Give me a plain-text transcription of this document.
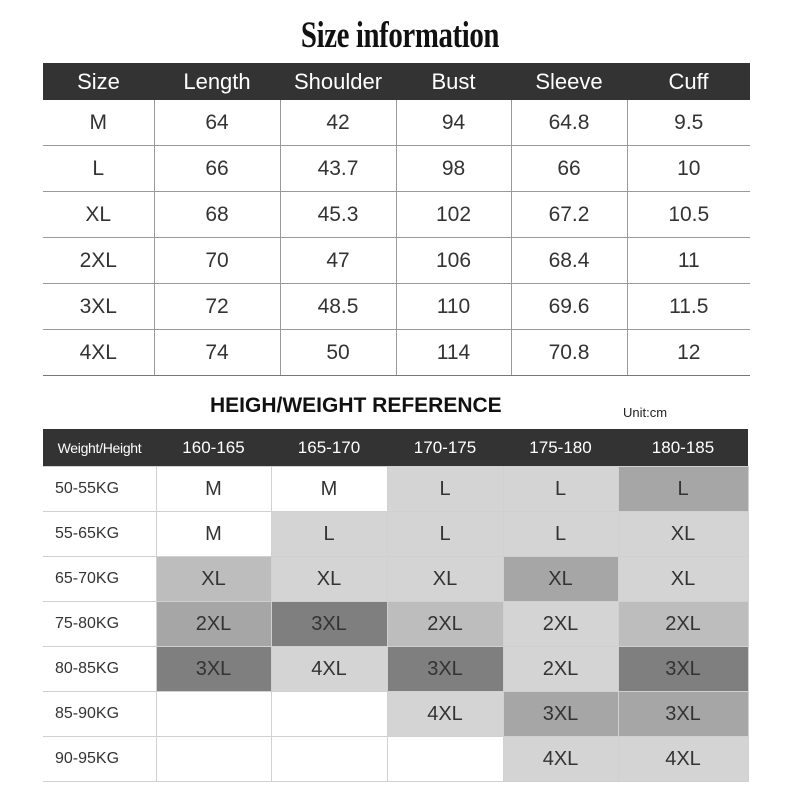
Size information
Size	Length	Shoulder	Bust	Sleeve	Cuff
M	64	42	94	64.8	9.5
L	66	43.7	98	66	10
XL	68	45.3	102	67.2	10.5
2XL	70	47	106	68.4	11
3XL	72	48.5	110	69.6	11.5
4XL	74	50	114	70.8	12
HEIGH/WEIGHT REFERENCE	Unit:cm
Weight/Height	160-165	165-170	170-175	175-180	180-185
50-55KG	M	M	L	L	L
55-65KG	M	L	L	L	XL
65-70KG	XL	XL	XL	XL	XL
75-80KG	2XL	3XL	2XL	2XL	2XL
80-85KG	3XL	4XL	3XL	2XL	3XL
85-90KG			4XL	3XL	3XL
90-95KG				4XL	4XL
